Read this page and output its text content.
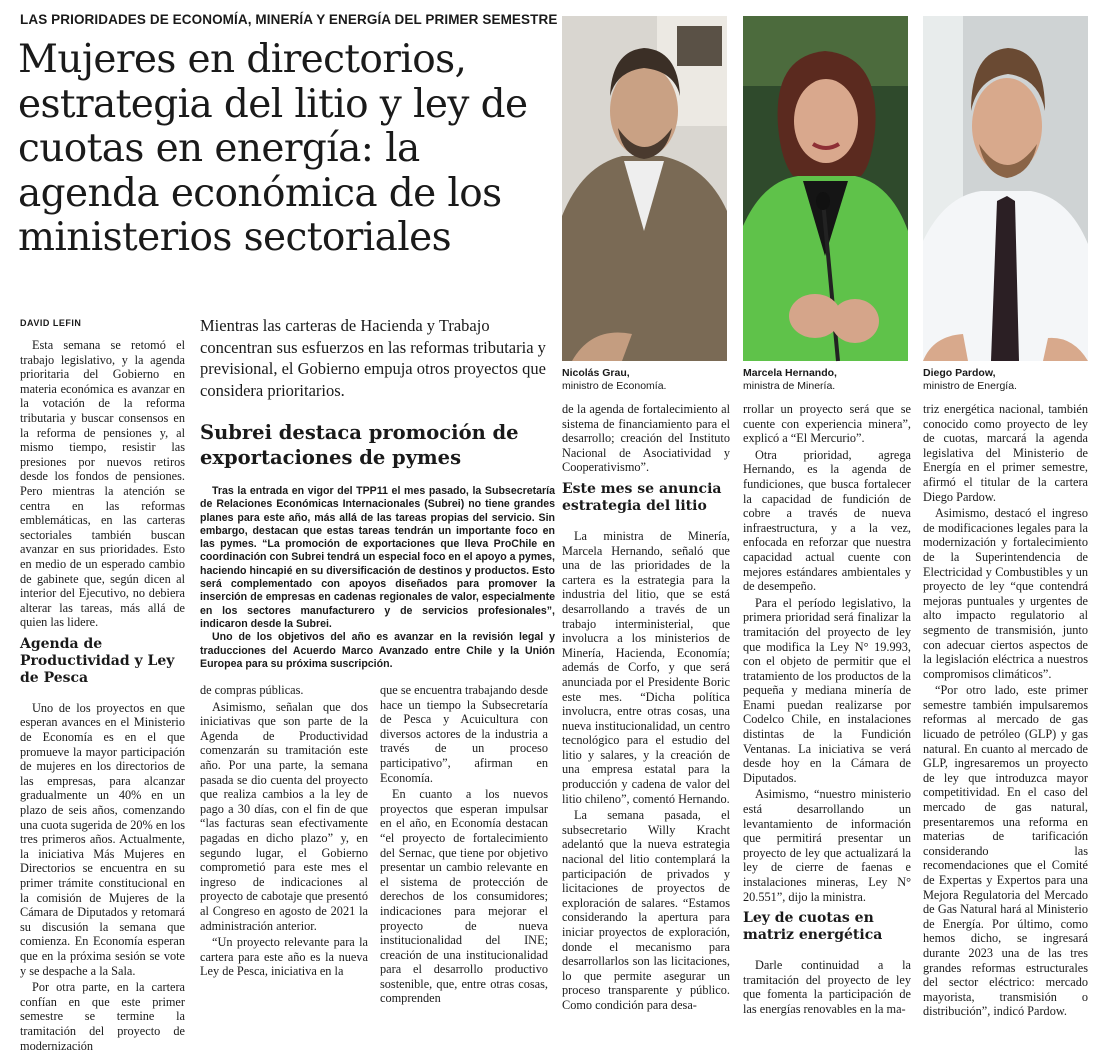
LAS PRIORIDADES DE ECONOMÍA, MINERÍA Y ENERGÍA DEL PRIMER SEMESTRE
Mujeres en directorios, estrategia del litio y ley de cuotas en energía: la agenda económica de los ministerios sectoriales
Nicolás Grau,
ministro de Economía.
Marcela Hernando,
ministra de Minería.
Diego Pardow,
ministro de Energía.
DAVID LEFIN	Mientras las carteras de Hacienda y Trabajo concentran sus esfuerzos en las reformas tributaria y previsional, el Gobierno empuja otros proyectos que considera prioritarios.

Esta semana se retomó el trabajo legislativo, y la agenda prioritaria del Gobierno en materia económica es avanzar en la votación de la reforma tributaria y buscar consensos en la reforma de pensiones y, al mismo tiempo, resistir las presiones por nuevos retiros desde los fondos de pensiones. Pero mientras la atención se centra en las reformas emblemáticas, en las carteras sectoriales también buscan avanzar en sus prioridades. Esto en medio de un esperado cambio de gabinete que, según dicen al interior del Ejecutivo, no debiera alterar las tareas, más allá de quien las lidere.

Agenda de Productividad y Ley de Pesca

Uno de los proyectos en que esperan avances en el Ministerio de Economía es en el que promueve la mayor participación de mujeres en los directorios de las empresas, para alcanzar gradualmente un 40% en un plazo de seis años, comenzando una cuota sugerida de 20% en los tres primeros años. Actualmente, la iniciativa Más Mujeres en Directorios se encuentra en su primer trámite constitucional en la comisión de Mujeres de la Cámara de Diputados y retomará su discusión la semana que comienza. En Economía esperan que en la próxima sesión se vote y se despache a la Sala.

Por otra parte, en la cartera confían en que este primer semestre se termine la tramitación del proyecto de modernización

Subrei destaca promoción de exportaciones de pymes

Tras la entrada en vigor del TPP11 el mes pasado, la Subsecretaría de Relaciones Económicas Internacionales (Subrei) no tiene grandes planes para este año, más allá de las tareas propias del servicio. Sin embargo, destacan que estas tareas tendrán un importante foco en las pymes. “La promoción de exportaciones que lleva ProChile en coordinación con Subrei tendrá un especial foco en el apoyo a pymes, haciendo hincapié en su diversificación de destinos y productos. Esto será complementado con apoyos diseñados para promover la inserción de empresas en cadenas regionales de valor, especialmente en los sectores manufacturero y de servicios profesionales”, indicaron desde la Subrei.

Uno de los objetivos del año es avanzar en la revisión legal y traducciones del Acuerdo Marco Avanzado entre Chile y la Unión Europea para su próxima suscripción.

de compras públicas.

Asimismo, señalan que dos iniciativas que son parte de la Agenda de Productividad comenzarán su tramitación este año. Por una parte, la semana pasada se dio cuenta del proyecto que realiza cambios a la ley de pago a 30 días, con el fin de que “las facturas sean efectivamente pagadas en dicho plazo” y, en segundo lugar, el Gobierno comprometió para este mes el ingreso de indicaciones al proyecto de cabotaje que presentó al Congreso en agosto de 2021 la administración anterior.

“Un proyecto relevante para la cartera para este año es la nueva Ley de Pesca, iniciativa en la

que se encuentra trabajando desde hace un tiempo la Subsecretaría de Pesca y Acuicultura con diversos actores de la industria a través de un proceso participativo”, afirman en Economía.

En cuanto a los nuevos proyectos que esperan impulsar en el año, en Economía destacan “el proyecto de fortalecimiento del Sernac, que tiene por objetivo presentar un cambio relevante en el sistema de protección de derechos de los consumidores; indicaciones para mejorar el proyecto de nueva institucionalidad del INE; creación de una institucionalidad para el desarrollo productivo sostenible, que, entre otras cosas, comprenden

de la agenda de fortalecimiento al sistema de financiamiento para el desarrollo; creación del Instituto Nacional de Asociatividad y Cooperativismo”.

Este mes se anuncia estrategia del litio

La ministra de Minería, Marcela Hernando, señaló que una de las prioridades de la cartera es la estrategia para la industria del litio, que se está desarrollando a través de un trabajo interministerial, que involucra a los ministerios de Minería, Hacienda, Economía; además de Corfo, y que será anunciada por el Presidente Boric este mes. “Dicha política involucra, entre otras cosas, una nueva institucionalidad, un centro tecnológico para el estudio del litio y salares, y la creación de una empresa estatal para la producción y cadena de valor del litio chileno”, comentó Hernando.

La semana pasada, el subsecretario Willy Kracht adelantó que la nueva estrategia nacional del litio contemplará la participación de privados y licitaciones de proyectos de exploración de salares. “Estamos considerando la apertura para iniciar proyectos de exploración, donde el mecanismo para desarrollarlos son las licitaciones, lo que permite asegurar un proceso transparente y público. Como condición para desa-

rrollar un proyecto será que se cuente con experiencia minera”, explicó a “El Mercurio”.

Otra prioridad, agrega Hernando, es la agenda de fundiciones, que busca fortalecer la capacidad de fundición de cobre a través de nueva infraestructura, y a la vez, enfocada en reforzar que nuestra capacidad actual cuente con mejores estándares ambientales y de desempeño.

Para el período legislativo, la primera prioridad será finalizar la tramitación del proyecto de ley que modifica la Ley N° 19.993, con el objeto de permitir que el tratamiento de los productos de la pequeña y mediana minería de Enami puedan realizarse por Codelco Chile, en instalaciones distintas de la Fundición Ventanas. La iniciativa se verá desde hoy en la Cámara de Diputados.

Asimismo, “nuestro ministerio está desarrollando un levantamiento de información que permitirá presentar un proyecto de ley que actualizará la ley de cierre de faenas e instalaciones mineras, Ley N° 20.551”, dijo la ministra.

Ley de cuotas en matriz energética

Darle continuidad a la tramitación del proyecto de ley que fomenta la participación de las energías renovables en la ma-

triz energética nacional, también conocido como proyecto de ley de cuotas, marcará la agenda legislativa del Ministerio de Energía en el primer semestre, afirmó el titular de la cartera Diego Pardow.

Asimismo, destacó el ingreso de modificaciones legales para la modernización y fortalecimiento de la Superintendencia de Electricidad y Combustibles y un proyecto de ley “que contendrá mejoras puntuales y urgentes de alto impacto regulatorio al segmento de transmisión, junto con adecuar ciertos aspectos de la legislación eléctrica a nuestros compromisos climáticos”.

“Por otro lado, este primer semestre también impulsaremos reformas al mercado de gas licuado de petróleo (GLP) y gas natural. En cuanto al mercado de GLP, ingresaremos un proyecto de ley que introduzca mayor competitividad. En el caso del mercado de gas natural, presentaremos una reforma en materias de tarificación considerando las recomendaciones que el Comité de Expertas y Expertos para una Mejora Regulatoria del Mercado de Gas Natural hará al Ministerio de Energía. Por último, como hemos dicho, se ingresará durante 2023 una de las tres grandes reformas estructurales del sector eléctrico: mercado mayorista, transmisión o distribución”, indicó Pardow.
